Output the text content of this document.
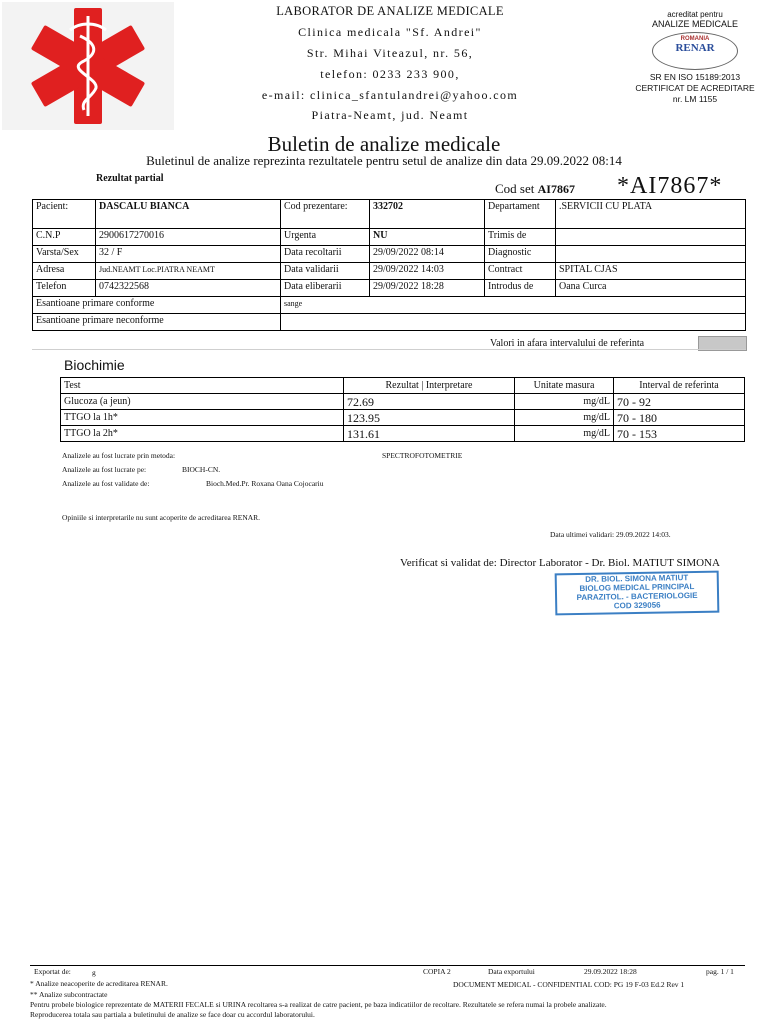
LABORATOR DE ANALIZE MEDICALE
Clinica medicala "Sf. Andrei"
Str. Mihai Viteazul, nr. 56,
telefon: 0233 233 900,
e-mail: clinica_sfantulandrei@yahoo.com
Piatra-Neamt, jud. Neamt
acreditat pentru
ANALIZE MEDICALE
ROMANIA
RENAR
SR EN ISO 15189:2013
CERTIFICAT DE ACREDITARE
nr. LM 1155
Buletin de analize medicale
Buletinul de analize reprezinta rezultatele pentru setul de analize din data 29.09.2022 08:14
Rezultat partial
Cod set AI7867 *AI7867*
Pacient:	DASCALU BIANCA	Cod prezentare:	332702	Departament	.SERVICII CU PLATA
C.N.P	2900617270016	Urgenta	NU	Trimis de	
Varsta/Sex	32 / F	Data recoltarii	29/09/2022 08:14	Diagnostic	
Adresa	Jud.NEAMT Loc.PIATRA NEAMT	Data validarii	29/09/2022 14:03	Contract	SPITAL CJAS
Telefon	0742322568	Data eliberarii	29/09/2022 18:28	Introdus de	Oana Curca
Esantioane primare conforme		sange			
Esantioane primare neconforme					
Valori in afara intervalului de referinta
Biochimie
Test	Rezultat | Interpretare	Unitate masura	Interval de referinta
Glucoza (a jeun)	72.69	mg/dL	70 - 92
TTGO la 1h*	123.95	mg/dL	70 - 180
TTGO la 2h*	131.61	mg/dL	70 - 153
Analizele au fost lucrate prin metoda:	SPECTROFOTOMETRIE
Analizele au fost lucrate pe:	BIOCH-CN.
Analizele au fost validate de:	Bioch.Med.Pr. Roxana Oana Cojocariu
Opiniile si interpretarile nu sunt acoperite de acreditarea RENAR.
Data ultimei validari: 29.09.2022 14:03.
Verificat si validat de: Director Laborator - Dr. Biol. MATIUT SIMONA
DR. BIOL. SIMONA MATIUT
BIOLOG MEDICAL PRINCIPAL
PARAZITOL. - BACTERIOLOGIE
COD 329056
Exportat de:	g	COPIA 2	Data exportului	29.09.2022 18:28	pag. 1 / 1
* Analize neacoperite de acreditarea RENAR.	DOCUMENT MEDICAL - CONFIDENTIAL COD: PG 19 F-03 Ed.2 Rev 1
** Analize subcontractate
Pentru probele biologice reprezentate de MATERII FECALE si URINA recoltarea s-a realizat de catre pacient, pe baza indicatiilor de recoltare. Rezultatele se refera numai la probele analizate.
Reproducerea totala sau partiala a buletinului de analize se face doar cu accordul laboratorului.
